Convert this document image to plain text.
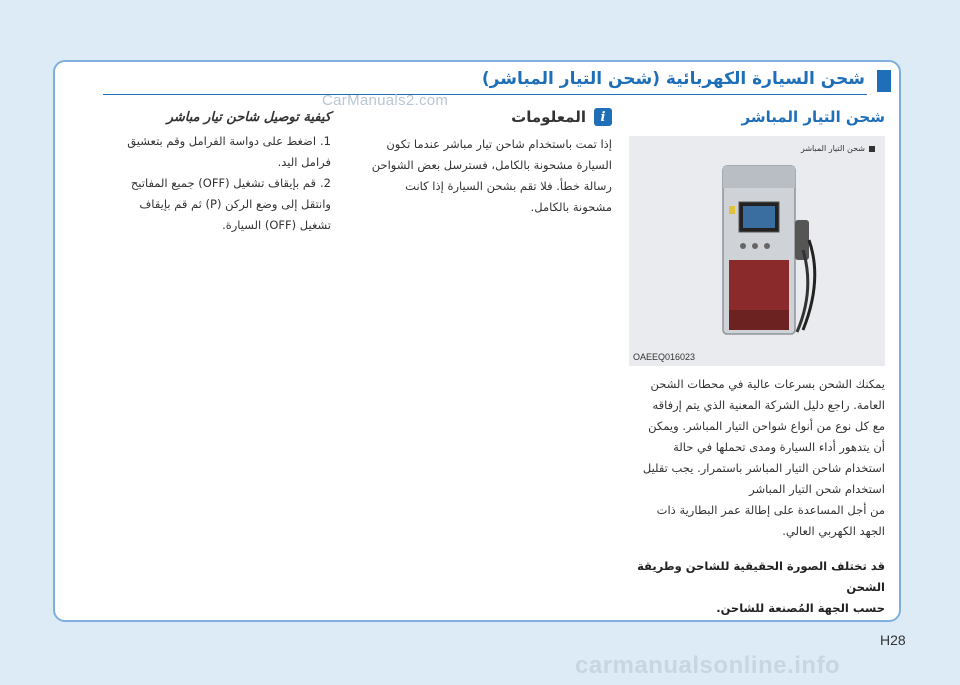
شحن السيارة الكهربائية (شحن التيار المباشر)
CarManuals2.com
شحن التيار المباشر
شحن التيار المباشر
OAEEQ016023

يمكنك الشحن بسرعات عالية في محطات الشحن
العامة. راجع دليل الشركة المعنية الذي يتم إرفاقه
مع كل نوع من أنواع شواحن التيار المباشر. ويمكن
أن يتدهور أداء السيارة ومدى تحملها في حالة
استخدام شاحن التيار المباشر باستمرار. يجب تقليل
استخدام شحن التيار المباشر
من أجل المساعدة على إطالة عمر البطارية ذات
الجهد الكهربي العالي.

قد تختلف الصورة الحقيقية للشاحن وطريقة الشحن
حسب الجهة المُصنعة للشاحن.
i
المعلومات

إذا تمت باستخدام شاحن تيار مباشر عندما تكون
السيارة مشحونة بالكامل، فسترسل بعض الشواحن
رسالة خطأ. فلا تقم بشحن السيارة إذا كانت
مشحونة بالكامل.

كيفية توصيل شاحن تيار مباشر
1.اضغط على دواسة الفرامل وقم بتعشيق
فرامل اليد.
2.قم بإيقاف تشغيل (OFF) جميع المفاتيح
وانتقل إلى وضع الركن (P) ثم قم بإيقاف
تشغيل (OFF) السيارة.
H28
carmanualsonline.info
